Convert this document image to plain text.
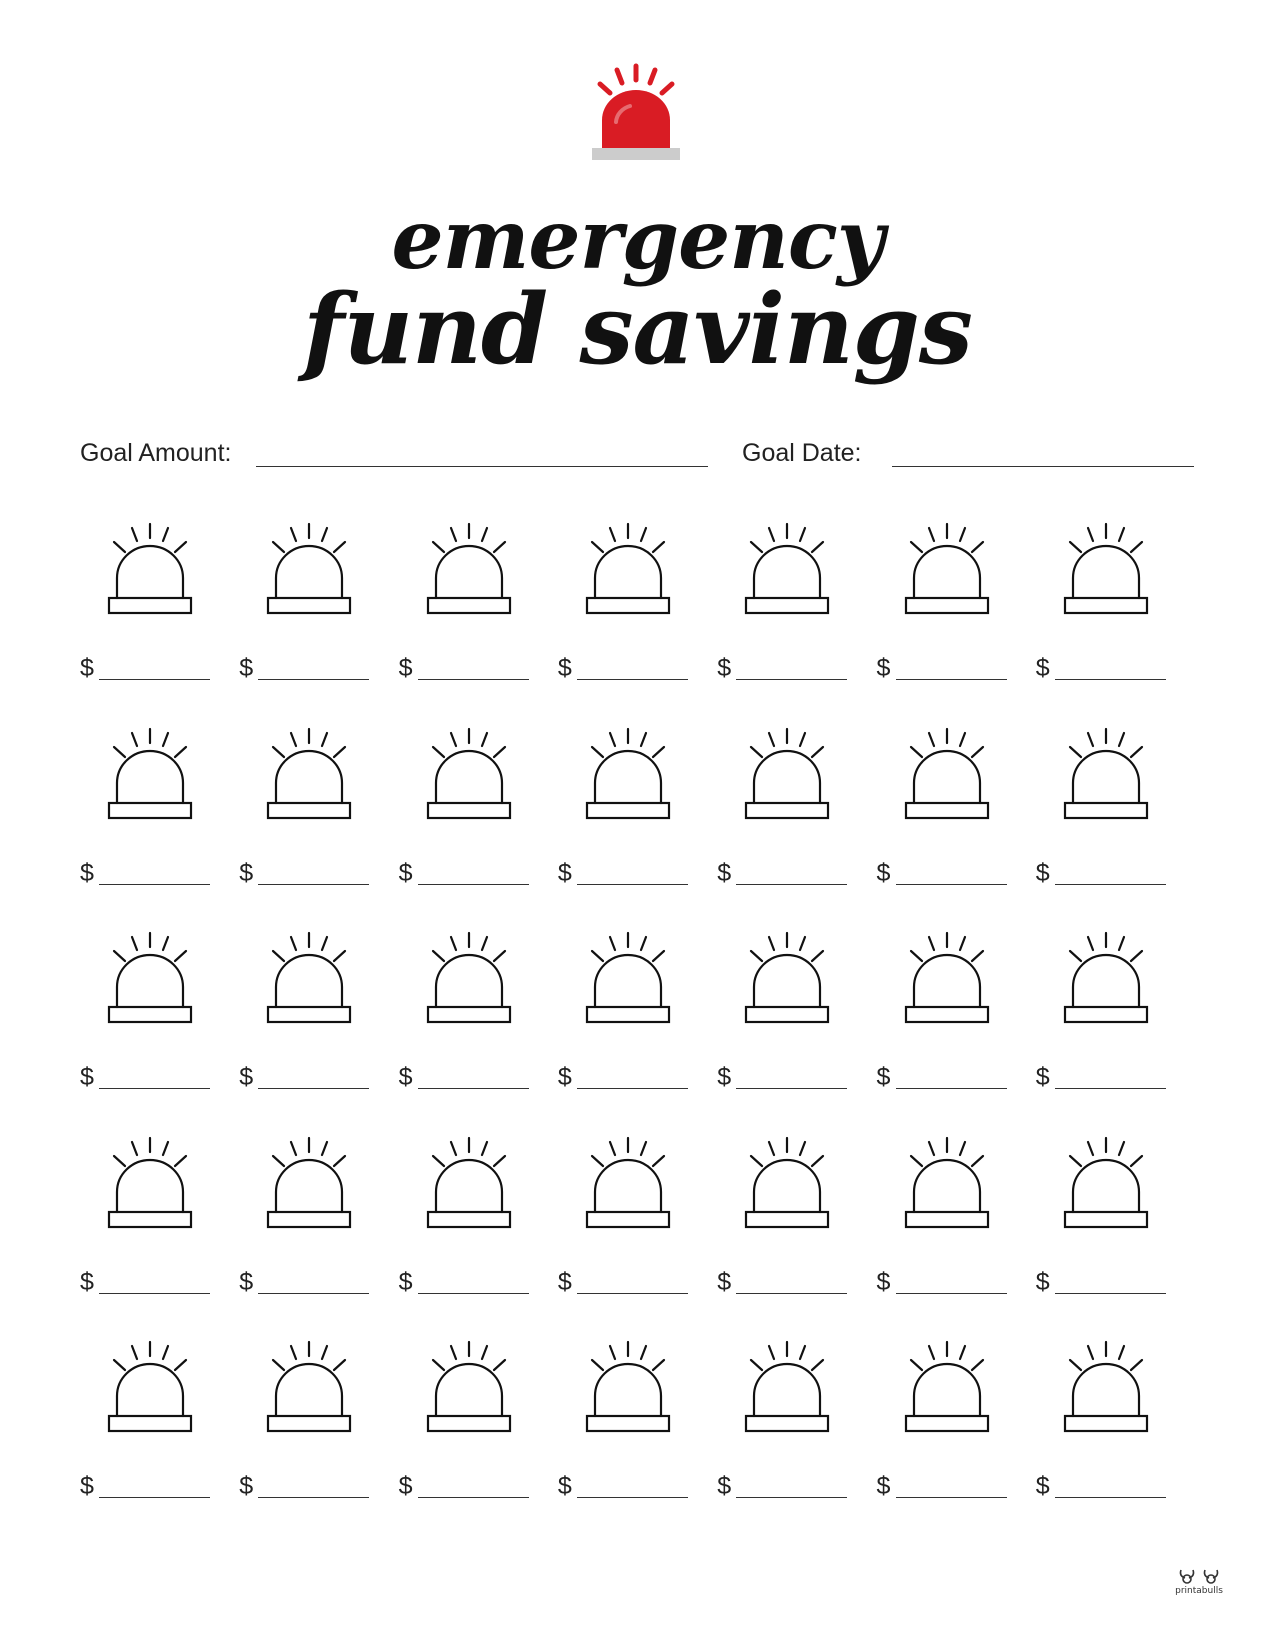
emergency
fund savings
Goal Amount:	Goal Date:
$	$	$	$	$	$	$
$	$	$	$	$	$	$
$	$	$	$	$	$	$
$	$	$	$	$	$	$
$	$	$	$	$	$	$
printabulls
